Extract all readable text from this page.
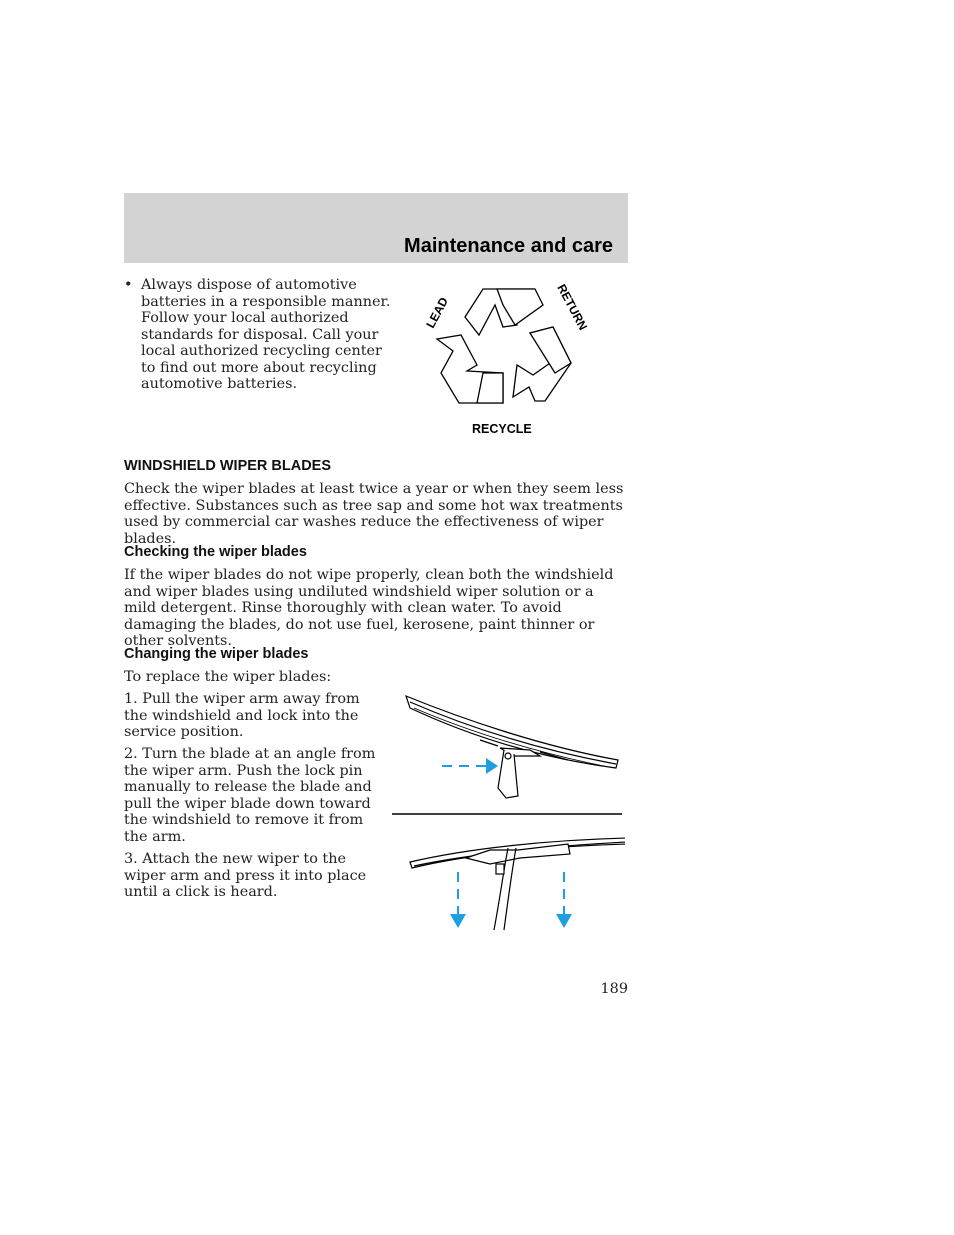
Maintenance and care
• Always dispose of automotive batteries in a responsible manner. Follow your local authorized standards for disposal. Call your local authorized recycling center to find out more about recycling automotive batteries.
LEAD	RETURN
RECYCLE
WINDSHIELD WIPER BLADES
Check the wiper blades at least twice a year or when they seem less effective. Substances such as tree sap and some hot wax treatments used by commercial car washes reduce the effectiveness of wiper blades.
Checking the wiper blades
If the wiper blades do not wipe properly, clean both the windshield and wiper blades using undiluted windshield wiper solution or a mild detergent. Rinse thoroughly with clean water. To avoid damaging the blades, do not use fuel, kerosene, paint thinner or other solvents.
Changing the wiper blades
To replace the wiper blades:
1. Pull the wiper arm away from the windshield and lock into the service position.
2. Turn the blade at an angle from the wiper arm. Push the lock pin manually to release the blade and pull the wiper blade down toward the windshield to remove it from the arm.
3. Attach the new wiper to the wiper arm and press it into place until a click is heard.
189
